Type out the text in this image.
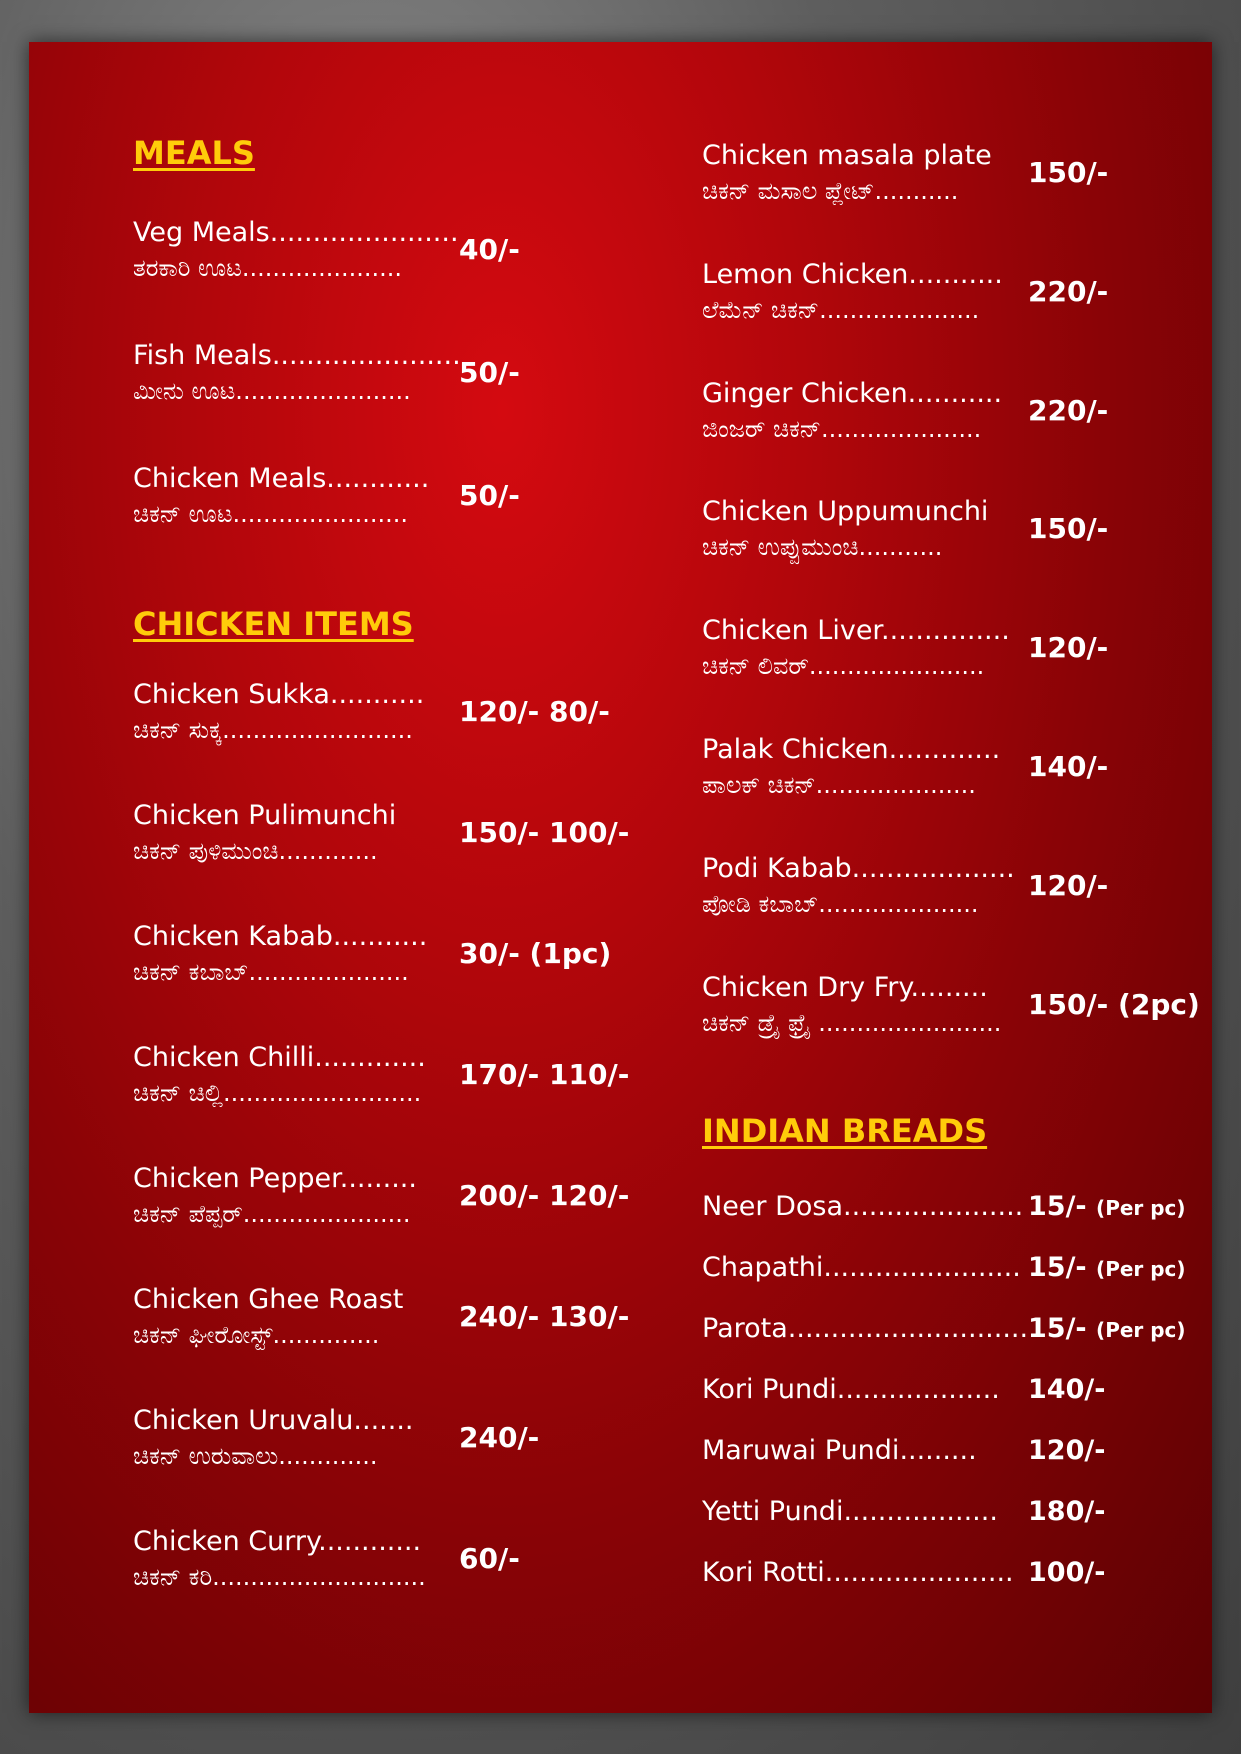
MEALS
Veg Meals......................
ತರಕಾರಿ ಊಟ.....................
40/-
Fish Meals......................
ಮೀನು ಊಟ.......................
50/-
Chicken Meals............
ಚಿಕನ್ ಊಟ.......................
50/-
CHICKEN ITEMS
Chicken Sukka...........
ಚಿಕನ್ ಸುಕ್ಕ.........................
120/- 80/-
Chicken Pulimunchi
ಚಿಕನ್ ಪುಳಿಮುಂಚಿ.............
150/- 100/-
Chicken Kabab...........
ಚಿಕನ್ ಕಬಾಬ್.....................
30/- (1pc)
Chicken Chilli.............
ಚಿಕನ್ ಚಿಲ್ಲಿ..........................
170/- 110/-
Chicken Pepper.........
ಚಿಕನ್ ಪೆಪ್ಪರ್......................
200/- 120/-
Chicken Ghee Roast
ಚಿಕನ್ ಘೀರೋಸ್ಟ್..............
240/- 130/-
Chicken Uruvalu.......
ಚಿಕನ್ ಉರುವಾಲು.............
240/-
Chicken Curry............
ಚಿಕನ್ ಕರಿ............................
60/-
Chicken masala plate
ಚಿಕನ್ ಮಸಾಲ ಪ್ಲೇಟ್...........
150/-
Lemon Chicken...........
ಲೆಮೆನ್ ಚಿಕನ್.....................
220/-
Ginger Chicken...........
ಜಿಂಜರ್ ಚಿಕನ್.....................
220/-
Chicken Uppumunchi
ಚಿಕನ್ ಉಪ್ಪುಮುಂಚಿ...........
150/-
Chicken Liver...............
ಚಿಕನ್ ಲಿವರ್.......................
120/-
Palak Chicken.............
ಪಾಲಕ್ ಚಿಕನ್.....................
140/-
Podi Kabab...................
ಪೋಡಿ ಕಬಾಬ್.....................
120/-
Chicken Dry Fry.........
ಚಿಕನ್ ಡ್ರೈ ಫ್ರೈ ........................
150/- (2pc)
INDIAN BREADS
Neer Dosa..................... 15/- (Per pc)
Chapathi....................... 15/- (Per pc)
Parota.............................
15/- (Per pc)
Kori Pundi................... 140/-
Maruwai Pundi......... 120/-
Yetti Pundi.................. 180/-
Kori Rotti...................... 100/-
